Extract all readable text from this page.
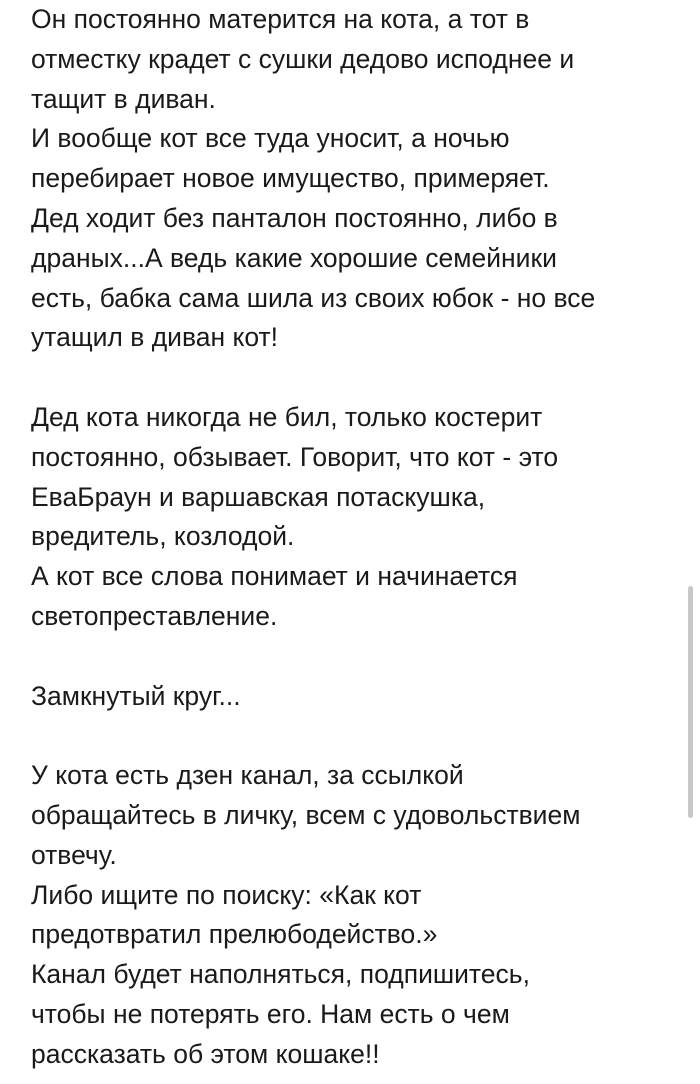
Он постоянно матерится на кота, а тот в
отместку крадет с сушки дедово исподнее и
тащит в диван.
И вообще кот все туда уносит, а ночью
перебирает новое имущество, примеряет.
Дед ходит без панталон постоянно, либо в
драных...А ведь какие хорошие семейники
есть, бабка сама шила из своих юбок - но все
утащил в диван кот!
Дед кота никогда не бил, только костерит
постоянно, обзывает. Говорит, что кот - это
ЕваБраун и варшавская потаскушка,
вредитель, козлодой.
А кот все слова понимает и начинается
светопреставление.
Замкнутый круг...
У кота есть дзен канал, за ссылкой
обращайтесь в личку, всем с удовольствием
отвечу.
Либо ищите по поиску: «Как кот
предотвратил прелюбодейство.»
Канал будет наполняться, подпишитесь,
чтобы не потерять его. Нам есть о чем
рассказать об этом кошаке!!
